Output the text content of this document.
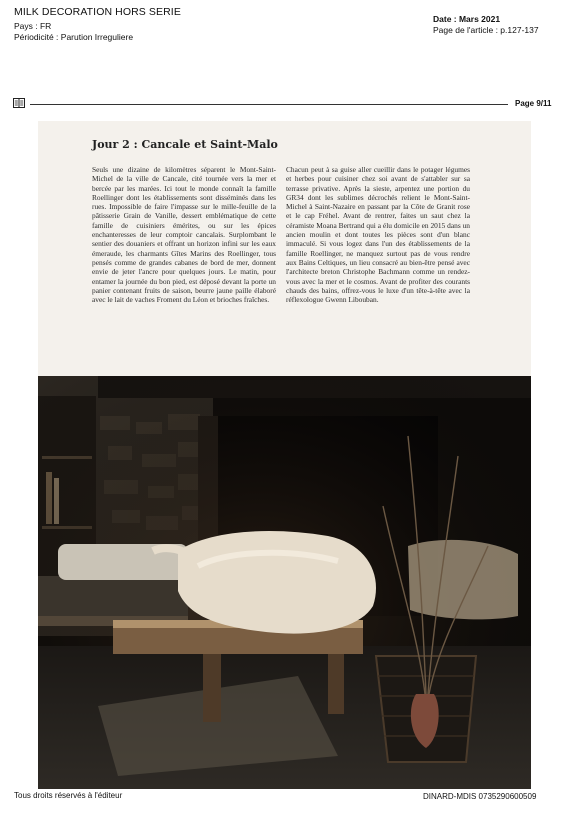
MILK DECORATION HORS SERIE
Pays : FR
Périodicité : Parution Irreguliere
Date : Mars 2021
Page de l'article : p.127-137
Page 9/11
Jour 2 : Cancale et Saint-Malo
Seuls une dizaine de kilomètres séparent le Mont-Saint-Michel de la ville de Cancale, cité tournée vers la mer et bercée par les marées. Ici tout le monde connaît la famille Roellinger dont les établissements sont disséminés dans les rues. Impossible de faire l'impasse sur le mille-feuille de la pâtisserie Grain de Vanille, dessert emblématique de cette famille de cuisiniers émérites, ou sur les épices enchanteresses de leur comptoir cancalais. Surplombant le sentier des douaniers et offrant un horizon infini sur les eaux émeraude, les charmants Gîtes Marins des Roellinger, tous pensés comme de grandes cabanes de bord de mer, donnent envie de jeter l'ancre pour quelques jours. Le matin, pour entamer la journée du bon pied, est déposé devant la porte un panier contenant fruits de saison, beurre jaune paille élaboré avec le lait de vaches Froment du Léon et brioches fraîches.
Chacun peut à sa guise aller cueillir dans le potager légumes et herbes pour cuisiner chez soi avant de s'attabler sur sa terrasse privative. Après la sieste, arpentez une portion du GR34 dont les sublimes décrochés relient le Mont-Saint-Michel à Saint-Nazaire en passant par la Côte de Granit rose et le cap Fréhel. Avant de rentrer, faites un saut chez la céramiste Moana Bertrand qui a élu domicile en 2015 dans un ancien moulin et dont toutes les pièces sont d'un blanc immaculé. Si vous logez dans l'un des établissements de la famille Roellinger, ne manquez surtout pas de vous rendre aux Bains Celtiques, un lieu consacré au bien-être pensé avec l'architecte breton Christophe Bachmann comme un rendez-vous avec la mer et le cosmos. Avant de profiter des courants chauds des bains, offrez-vous le luxe d'un tête-à-tête avec la réflexologue Gwenn Libouban.
Tous droits réservés à l'éditeur	DINARD-MDIS 0735290600509
